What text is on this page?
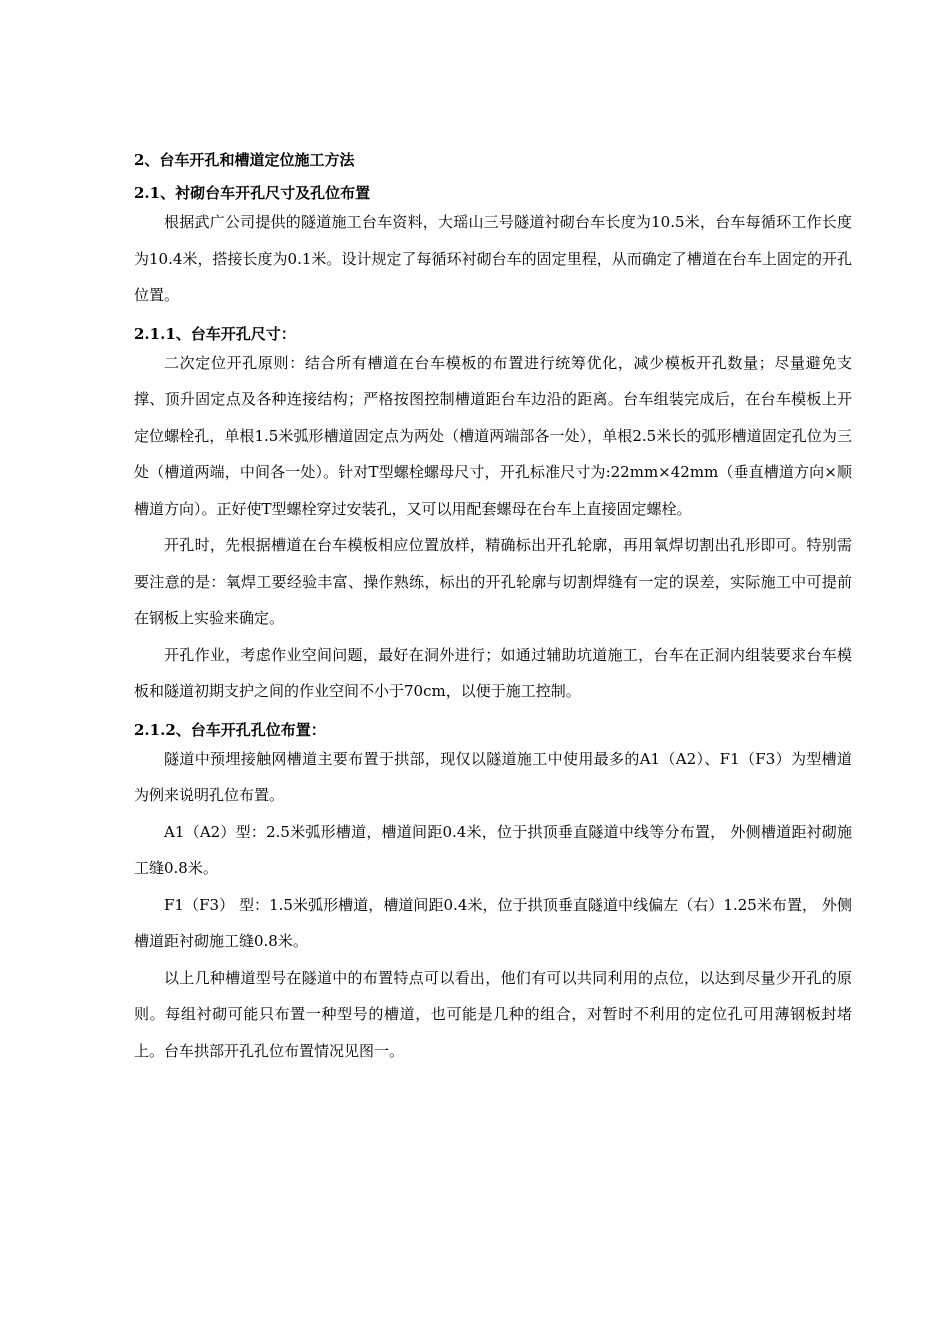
2、台车开孔和槽道定位施工方法

2.1、衬砌台车开孔尺寸及孔位布置

根据武广公司提供的隧道施工台车资料，大瑶山三号隧道衬砌台车长度为10.5米，台车每循环工作长度为10.4米，搭接长度为0.1米。设计规定了每循环衬砌台车的固定里程，从而确定了槽道在台车上固定的开孔位置。

2.1.1、台车开孔尺寸：

二次定位开孔原则：结合所有槽道在台车模板的布置进行统筹优化，减少模板开孔数量；尽量避免支撑、顶升固定点及各种连接结构；严格按图控制槽道距台车边沿的距离。台车组装完成后，在台车模板上开定位螺栓孔，单根1.5米弧形槽道固定点为两处（槽道两端部各一处），单根2.5米长的弧形槽道固定孔位为三处（槽道两端，中间各一处）。针对T型螺栓螺母尺寸，开孔标准尺寸为:22mm×42mm（垂直槽道方向×顺槽道方向）。正好使T型螺栓穿过安装孔，又可以用配套螺母在台车上直接固定螺栓。

开孔时，先根据槽道在台车模板相应位置放样，精确标出开孔轮廓，再用氧焊切割出孔形即可。特别需要注意的是：氧焊工要经验丰富、操作熟练，标出的开孔轮廓与切割焊缝有一定的误差，实际施工中可提前在钢板上实验来确定。

开孔作业，考虑作业空间问题，最好在洞外进行；如通过辅助坑道施工，台车在正洞内组装要求台车模板和隧道初期支护之间的作业空间不小于70cm，以便于施工控制。

2.1.2、台车开孔孔位布置：

隧道中预埋接触网槽道主要布置于拱部，现仅以隧道施工中使用最多的A1（A2）、F1（F3）为型槽道为例来说明孔位布置。

A1（A2）型：2.5米弧形槽道，槽道间距0.4米，位于拱顶垂直隧道中线等分布置， 外侧槽道距衬砌施工缝0.8米。

F1（F3） 型：1.5米弧形槽道，槽道间距0.4米，位于拱顶垂直隧道中线偏左（右）1.25米布置， 外侧槽道距衬砌施工缝0.8米。

以上几种槽道型号在隧道中的布置特点可以看出，他们有可以共同利用的点位，以达到尽量少开孔的原则。每组衬砌可能只布置一种型号的槽道，也可能是几种的组合，对暂时不利用的定位孔可用薄钢板封堵上。台车拱部开孔孔位布置情况见图一。
